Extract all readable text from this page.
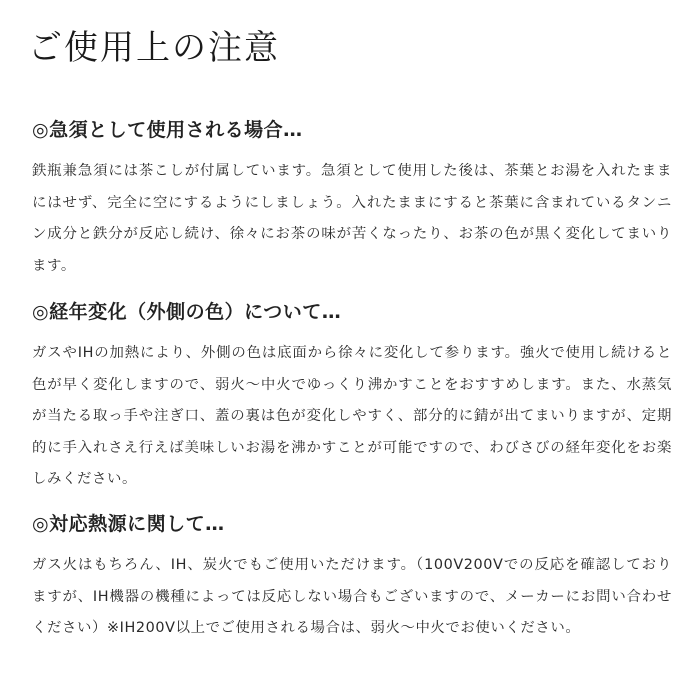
ご使用上の注意
◎急須として使用される場合…

鉄瓶兼急須には茶こしが付属しています。急須として使用した後は、茶葉とお湯を入れたままにはせず、完全に空にするようにしましょう。入れたままにすると茶葉に含まれているタンニン成分と鉄分が反応し続け、徐々にお茶の味が苦くなったり、お茶の色が黒く変化してまいります。

◎経年変化（外側の色）について…

ガスやIHの加熱により、外側の色は底面から徐々に変化して参ります。強火で使用し続けると色が早く変化しますので、弱火～中火でゆっくり沸かすことをおすすめします。また、水蒸気が当たる取っ手や注ぎ口、蓋の裏は色が変化しやすく、部分的に錆が出てまいりますが、定期的に手入れさえ行えば美味しいお湯を沸かすことが可能ですので、わびさびの経年変化をお楽しみください。

◎対応熱源に関して…

ガス火はもちろん、IH、炭火でもご使用いただけます。（100V200Vでの反応を確認しておりますが、IH機器の機種によっては反応しない場合もございますので、メーカーにお問い合わせください）※IH200V以上でご使用される場合は、弱火～中火でお使いください。
